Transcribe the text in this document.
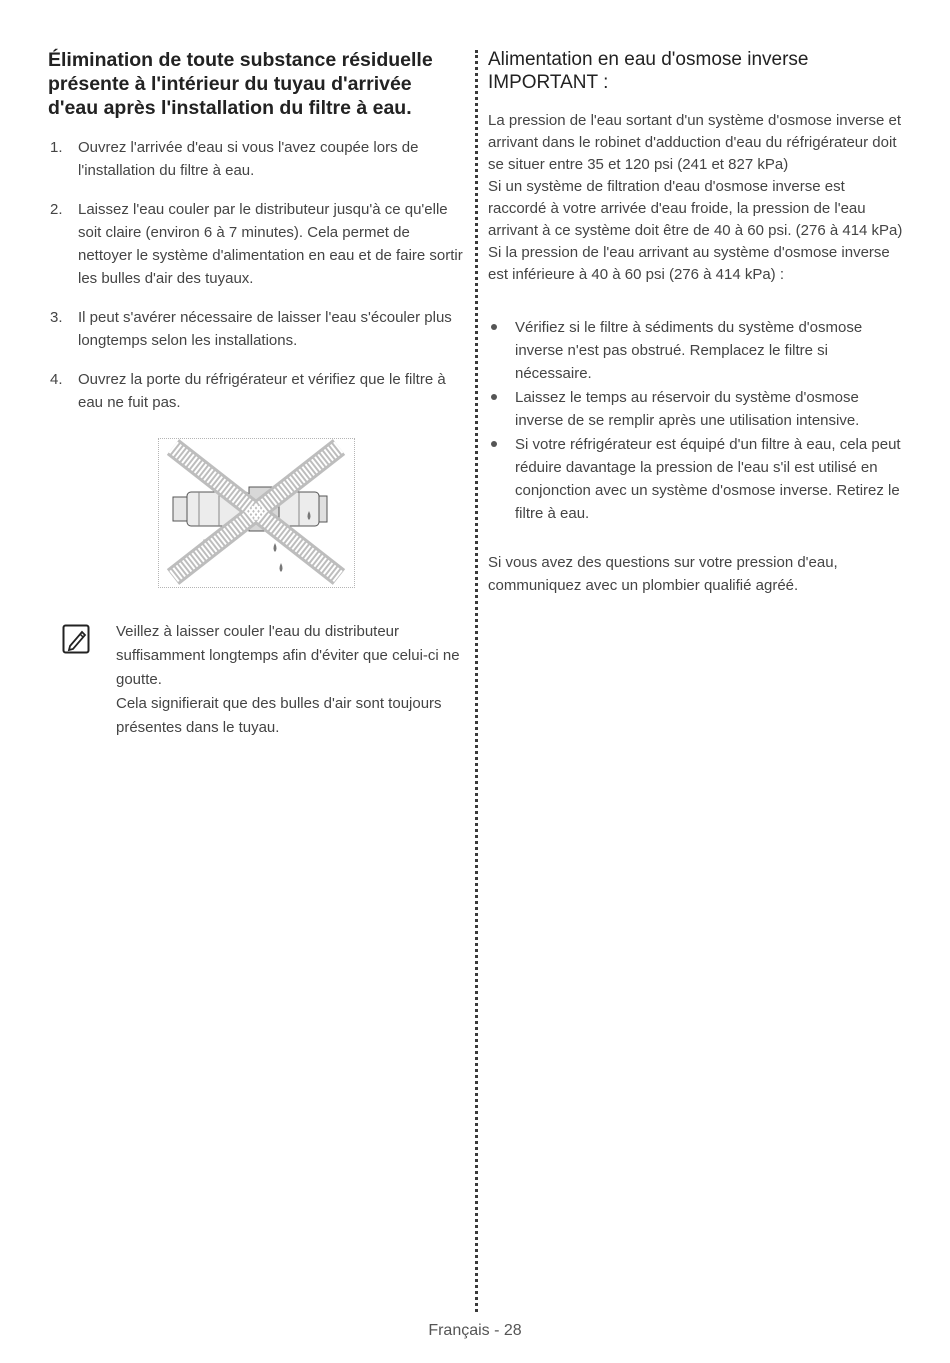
Élimination de toute substance résiduelle présente à l'intérieur du tuyau d'arrivée d'eau après l'installation du filtre à eau.
1. Ouvrez l'arrivée d'eau si vous l'avez coupée lors de l'installation du filtre à eau.
2. Laissez l'eau couler par le distributeur jusqu'à ce qu'elle soit claire (environ 6 à 7 minutes). Cela permet de nettoyer le système d'alimentation en eau et de faire sortir les bulles d'air des tuyaux.
3. Il peut s'avérer nécessaire de laisser l'eau s'écouler plus longtemps selon les installations.
4. Ouvrez la porte du réfrigérateur et vérifiez que le filtre à eau ne fuit pas.

Veillez à laisser couler l'eau du distributeur suffisamment longtemps afin d'éviter que celui-ci ne goutte.

Cela signifierait que des bulles d'air sont toujours présentes dans le tuyau.

Alimentation en eau d'osmose inverse
IMPORTANT :

La pression de l'eau sortant d'un système d'osmose inverse et arrivant dans le robinet d'adduction d'eau du réfrigérateur doit se situer entre 35 et 120 psi (241 et 827 kPa)

Si un système de filtration d'eau d'osmose inverse est raccordé à votre arrivée d'eau froide, la pression de l'eau arrivant à ce système doit être de 40 à 60 psi. (276 à 414 kPa)

Si la pression de l'eau arrivant au système d'osmose inverse est inférieure à 40 à 60 psi (276 à 414 kPa) :

Vérifiez si le filtre à sédiments du système d'osmose inverse n'est pas obstrué. Remplacez le filtre si nécessaire.
Laissez le temps au réservoir du système d'osmose inverse de se remplir après une utilisation intensive.
Si votre réfrigérateur est équipé d'un filtre à eau, cela peut réduire davantage la pression de l'eau s'il est utilisé en conjonction avec un système d'osmose inverse. Retirez le filtre à eau.

Si vous avez des questions sur votre pression d'eau, communiquez avec un plombier qualifié agréé.

Français - 28
